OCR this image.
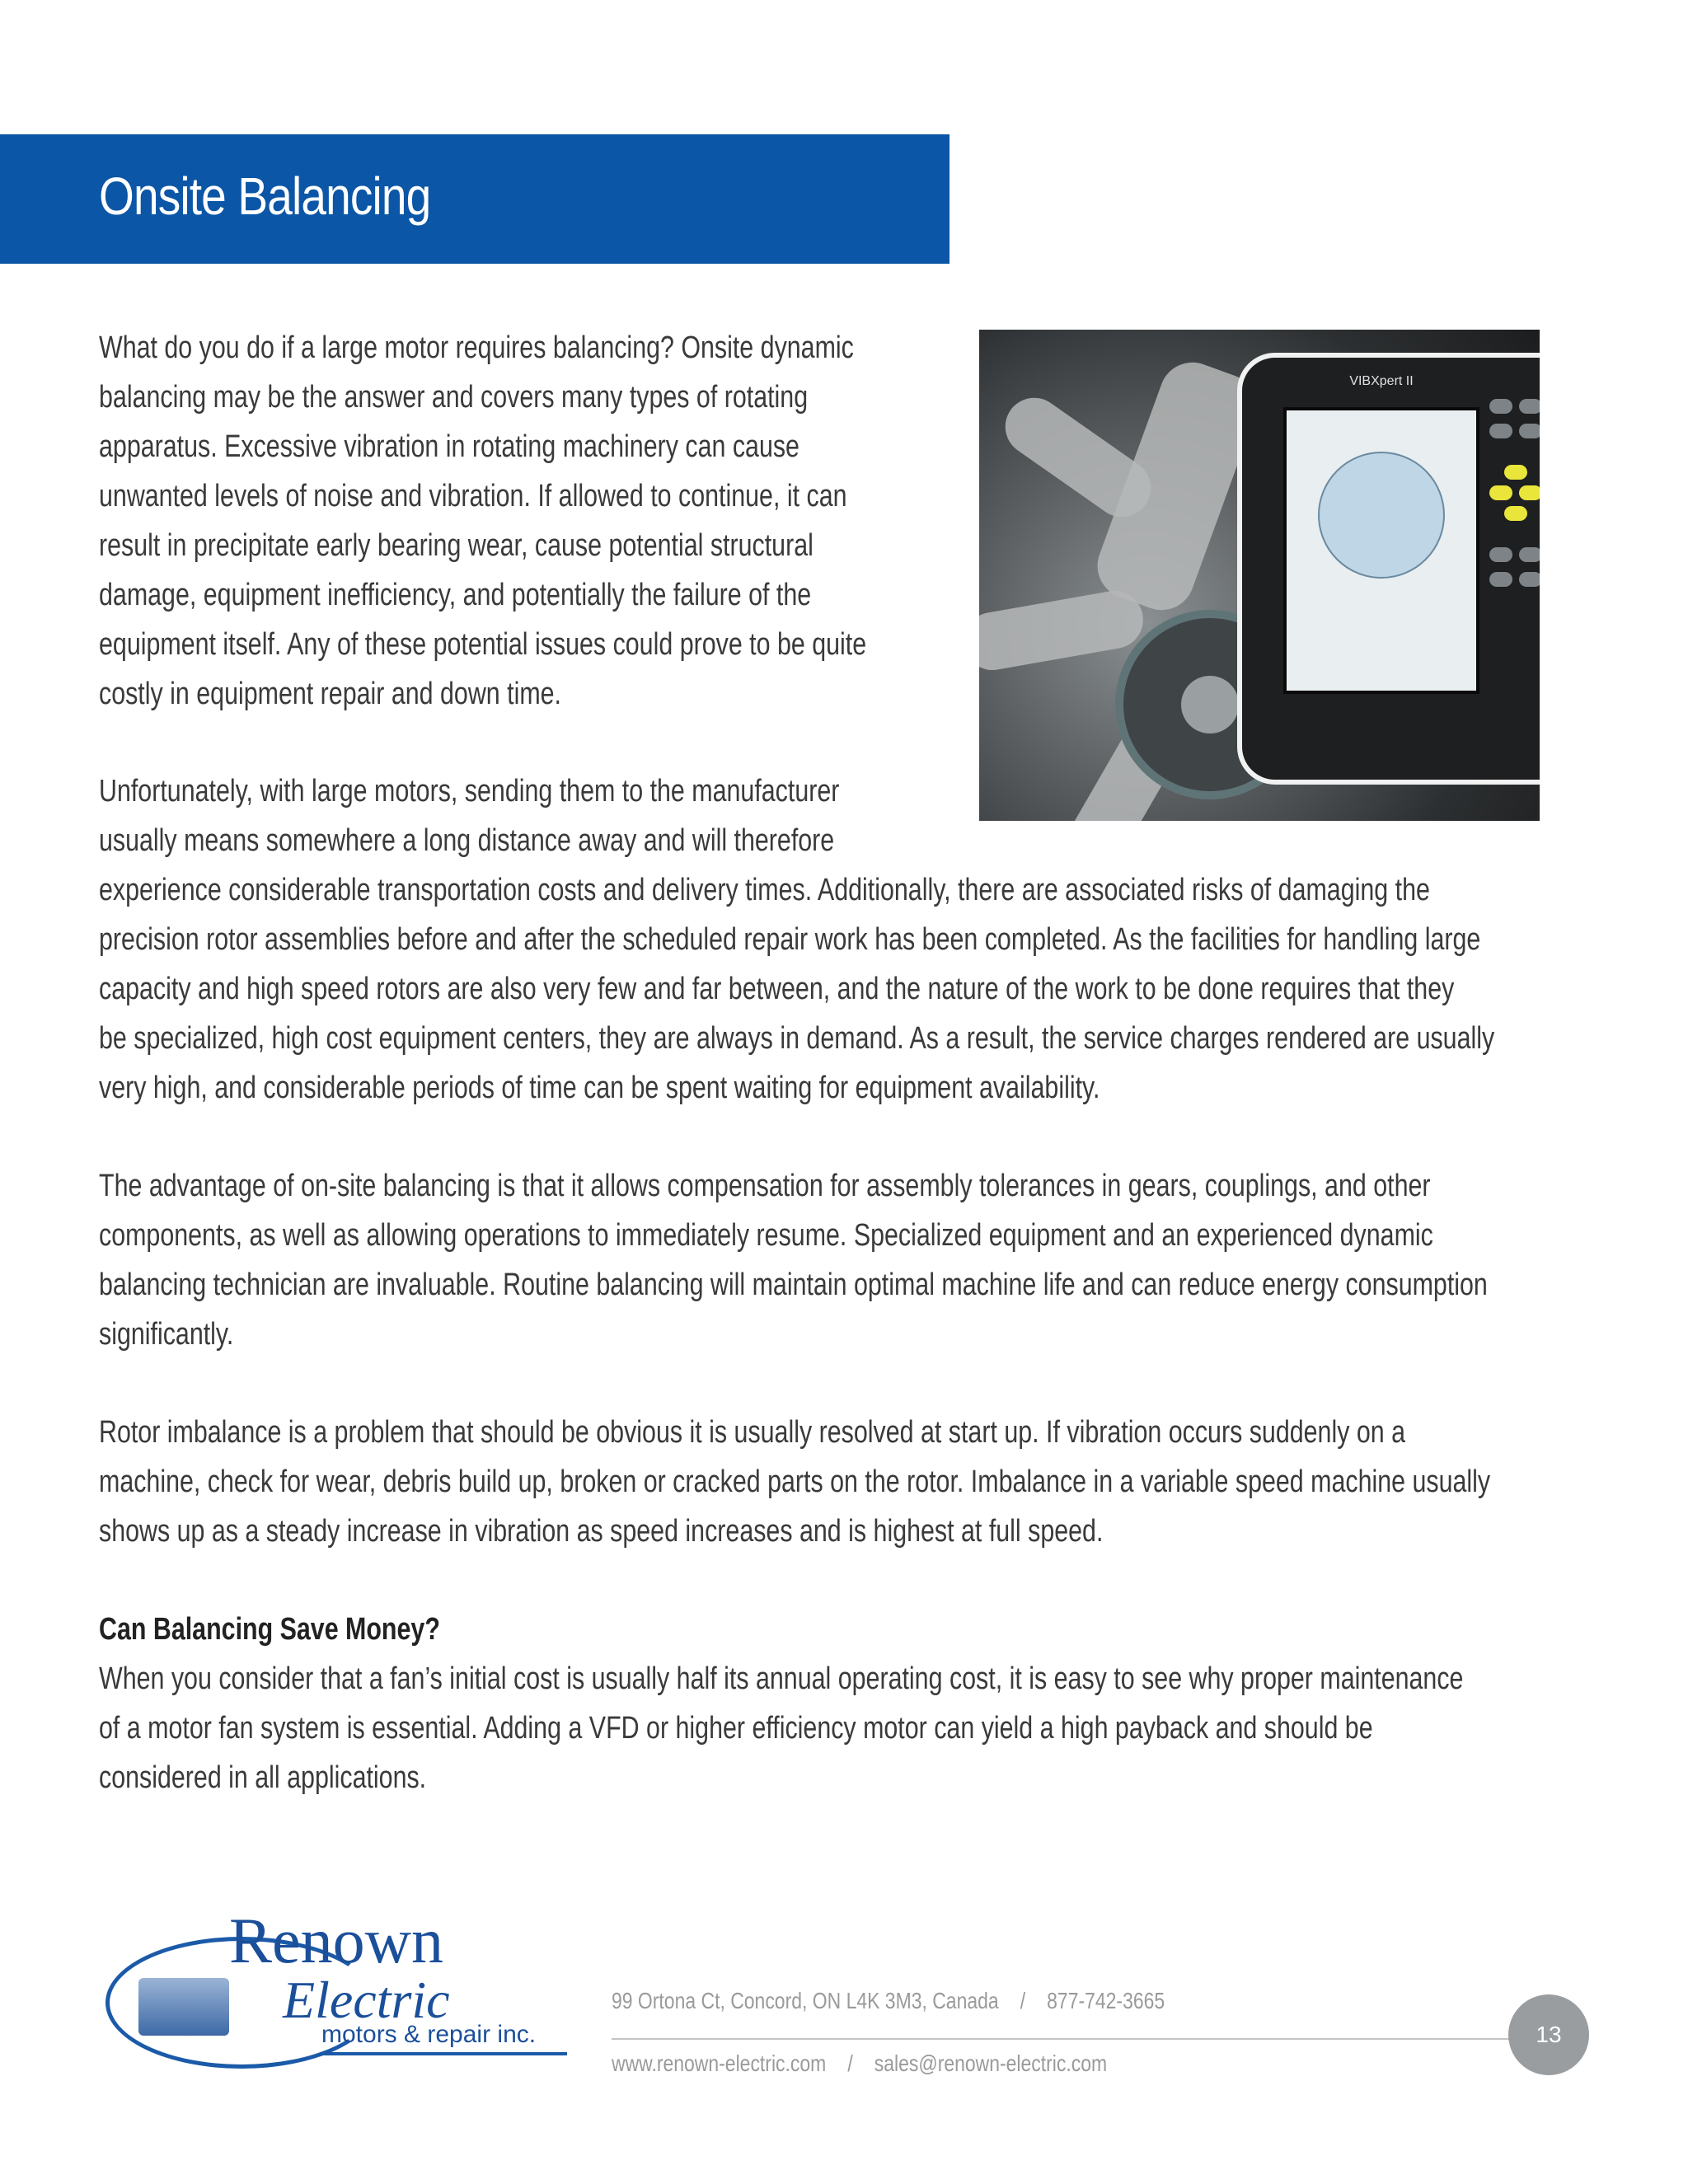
Onsite Balancing
VIBXpert II
What do you do if a large motor requires balancing? Onsite dynamic
balancing may be the answer and covers many types of rotating
apparatus. Excessive vibration in rotating machinery can cause
unwanted levels of noise and vibration. If allowed to continue, it can
result in precipitate early bearing wear, cause potential structural
damage, equipment inefficiency, and potentially the failure of the
equipment itself. Any of these potential issues could prove to be quite
costly in equipment repair and down time.
Unfortunately, with large motors, sending them to the manufacturer
usually means somewhere a long distance away and will therefore
experience considerable transportation costs and delivery times. Additionally, there are associated risks of damaging the
precision rotor assemblies before and after the scheduled repair work has been completed. As the facilities for handling large
capacity and high speed rotors are also very few and far between, and the nature of the work to be done requires that they
be specialized, high cost equipment centers, they are always in demand. As a result, the service charges rendered are usually
very high, and considerable periods of time can be spent waiting for equipment availability.
The advantage of on-site balancing is that it allows compensation for assembly tolerances in gears, couplings, and other
components, as well as allowing operations to immediately resume. Specialized equipment and an experienced dynamic
balancing technician are invaluable. Routine balancing will maintain optimal machine life and can reduce energy consumption
significantly.
Rotor imbalance is a problem that should be obvious it is usually resolved at start up. If vibration occurs suddenly on a
machine, check for wear, debris build up, broken or cracked parts on the rotor. Imbalance in a variable speed machine usually
shows up as a steady increase in vibration as speed increases and is highest at full speed.
Can Balancing Save Money?
When you consider that a fan’s initial cost is usually half its annual operating cost, it is easy to see why proper maintenance
of a motor fan system is essential. Adding a VFD or higher efficiency motor can yield a high payback and should be
considered in all applications.
Renown
Electric
motors & repair inc.
99 Ortona Ct, Concord, ON L4K 3M3, Canada / 877-742-3665
www.renown-electric.com / sales@renown-electric.com
13
